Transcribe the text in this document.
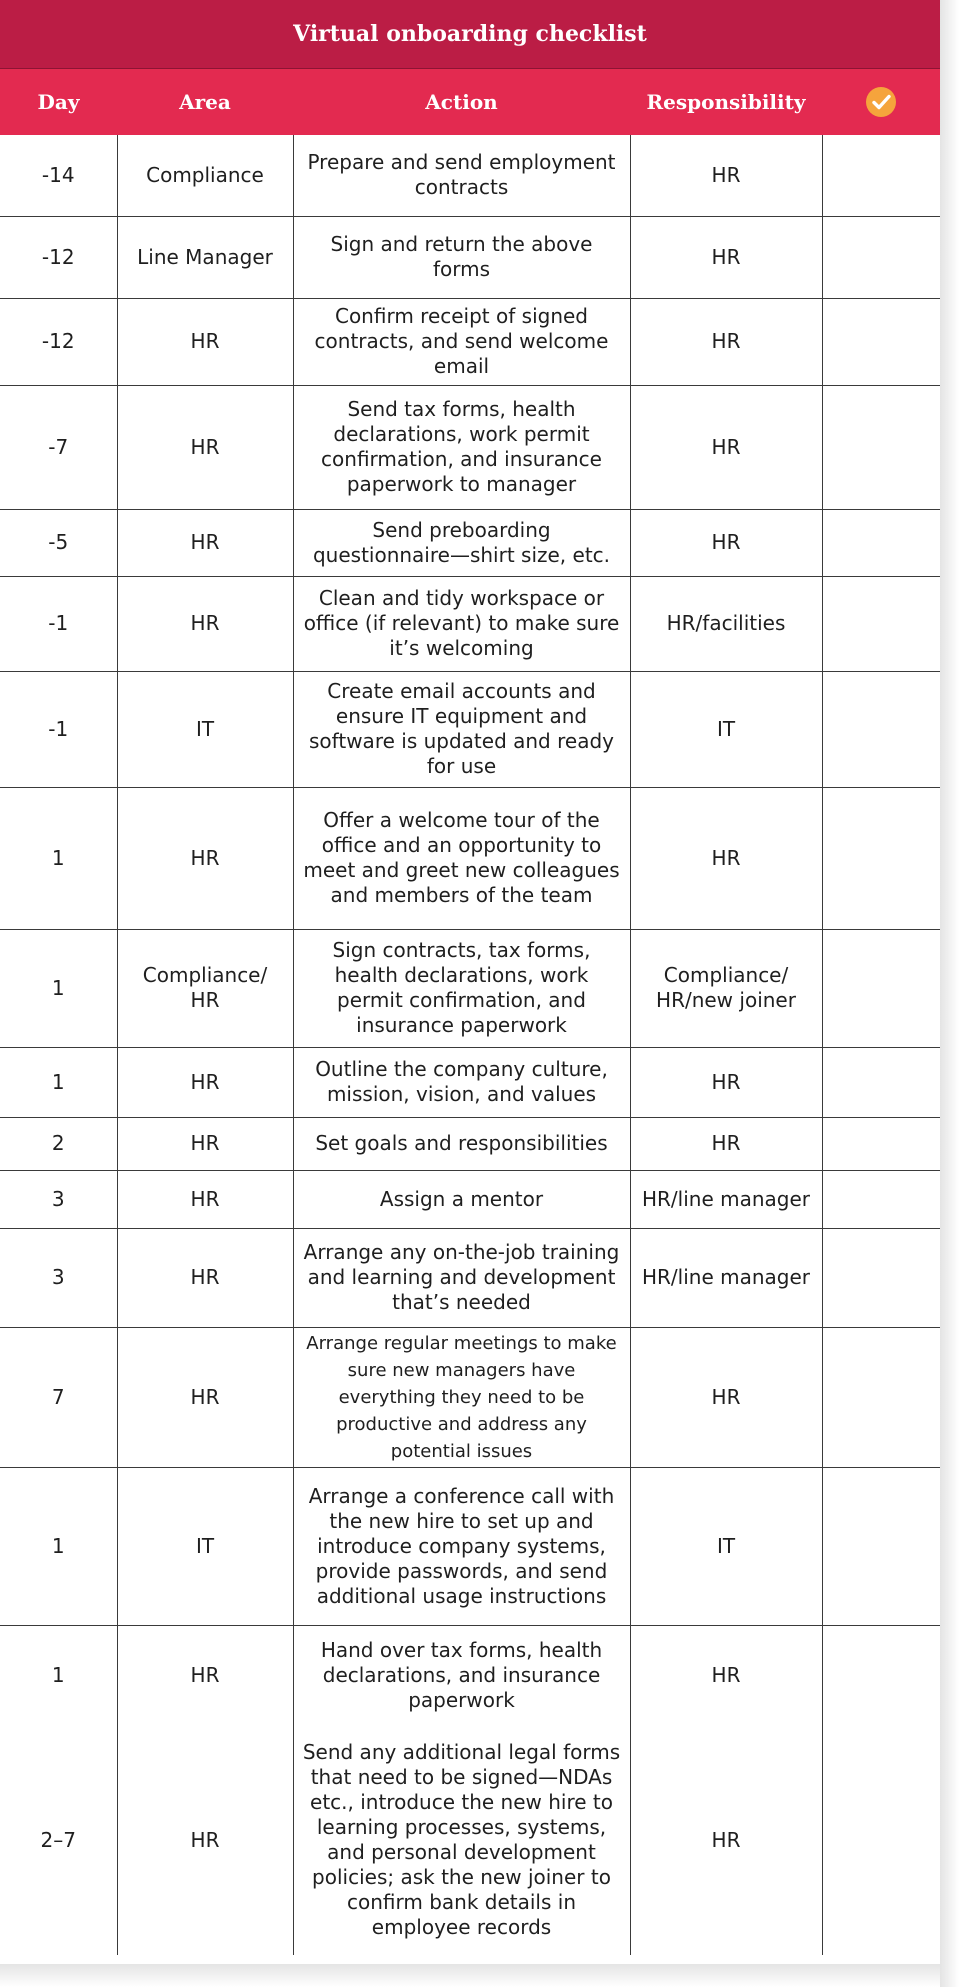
Virtual onboarding checklist
Day	Area	Action	Responsibility	
-14	Compliance	Prepare and send employment contracts	HR	
-12	Line Manager	Sign and return the above forms	HR	
-12	HR	Confirm receipt of signed contracts, and send welcome email	HR	
-7	HR	Send tax forms, health declarations, work permit confirmation, and insurance paperwork to manager	HR	
-5	HR	Send preboarding questionnaire—shirt size, etc.	HR	
-1	HR	Clean and tidy workspace or office (if relevant) to make sure it’s welcoming	HR/facilities	
-1	IT	Create email accounts and ensure IT equipment and software is updated and ready for use	IT	
1	HR	Offer a welcome tour of the office and an opportunity to meet and greet new colleagues and members of the team	HR	
1	Compliance/ HR	Sign contracts, tax forms, health declarations, work permit confirmation, and insurance paperwork	Compliance/ HR/new joiner	
1	HR	Outline the company culture, mission, vision, and values	HR	
2	HR	Set goals and responsibilities	HR	
3	HR	Assign a mentor	HR/line manager	
3	HR	Arrange any on-the-job training and learning and development that’s needed	HR/line manager	
7	HR	Arrange regular meetings to make sure new managers have everything they need to be productive and address any potential issues	HR	
1	IT	Arrange a conference call with the new hire to set up and introduce company systems, provide passwords, and send additional usage instructions	IT	
1	HR	Hand over tax forms, health declarations, and insurance paperwork	HR	
2–7	HR	Send any additional legal forms that need to be signed—NDAs etc., introduce the new hire to learning processes, systems, and personal development policies; ask the new joiner to confirm bank details in employee records	HR	
